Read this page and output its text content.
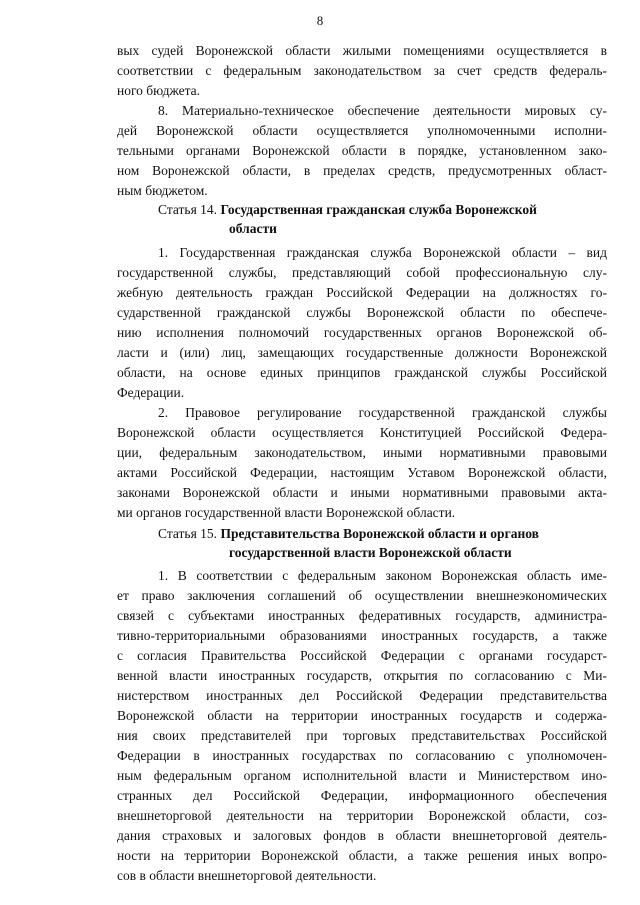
8
вых судей Воронежской области жилыми помещениями осуществляется в
соответствии с федеральным законодательством за счет средств федераль-
ного бюджета.
8. Материально-техническое обеспечение деятельности мировых су-
дей Воронежской области осуществляется уполномоченными исполни-
тельными органами Воронежской области в порядке, установленном зако-
ном Воронежской области, в пределах средств, предусмотренных област-
ным бюджетом.
Статья 14. Государственная гражданская служба Воронежской
области
1. Государственная гражданская служба Воронежской области – вид
государственной службы, представляющий собой профессиональную слу-
жебную деятельность граждан Российской Федерации на должностях го-
сударственной гражданской службы Воронежской области по обеспече-
нию исполнения полномочий государственных органов Воронежской об-
ласти и (или) лиц, замещающих государственные должности Воронежской
области, на основе единых принципов гражданской службы Российской
Федерации.
2. Правовое регулирование государственной гражданской службы
Воронежской области осуществляется Конституцией Российской Федера-
ции, федеральным законодательством, иными нормативными правовыми
актами Российской Федерации, настоящим Уставом Воронежской области,
законами Воронежской области и иными нормативными правовыми акта-
ми органов государственной власти Воронежской области.
Статья 15. Представительства Воронежской области и органов
государственной власти Воронежской области
1. В соответствии с федеральным законом Воронежская область име-
ет право заключения соглашений об осуществлении внешнеэкономических
связей с субъектами иностранных федеративных государств, администра-
тивно-территориальными образованиями иностранных государств, а также
с согласия Правительства Российской Федерации с органами государст-
венной власти иностранных государств, открытия по согласованию с Ми-
нистерством иностранных дел Российской Федерации представительства
Воронежской области на территории иностранных государств и содержа-
ния своих представителей при торговых представительствах Российской
Федерации в иностранных государствах по согласованию с уполномочен-
ным федеральным органом исполнительной власти и Министерством ино-
странных дел Российской Федерации, информационного обеспечения
внешнеторговой деятельности на территории Воронежской области, соз-
дания страховых и залоговых фондов в области внешнеторговой деятель-
ности на территории Воронежской области, а также решения иных вопро-
сов в области внешнеторговой деятельности.
